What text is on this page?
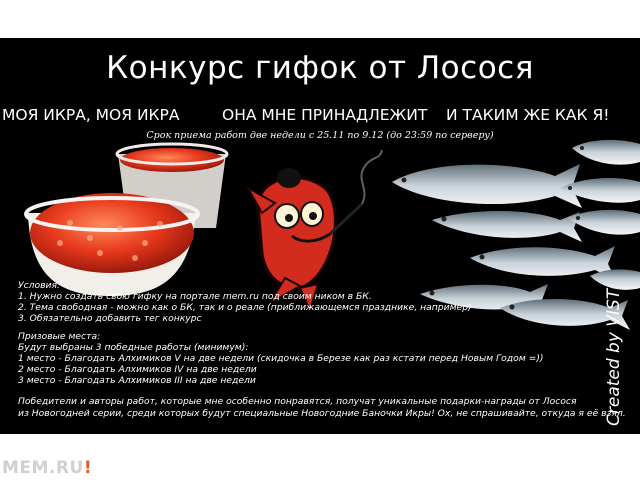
Конкурс гифок от Лосося
МОЯ ИКРА, МОЯ ИКРА	ОНА МНЕ ПРИНАДЛЕЖИТ И ТАКИМ ЖЕ КАК Я!
Срок приема работ две недели с 25.11 по 9.12 (до 23:59 по серверу)
Условия:
1. Нужно создать свою гифку на портале mem.ru под своим ником в БК.
2. Тема свободная - можно как о БК, так и о реале (приближающемся празднике, например)
3. Обязательно добавить тег конкурс
Призовые места:
Будут выбраны 3 победные работы (минимум):
1 место - Благодать Алхимиков V на две недели (скидочка в Березе как раз кстати перед Новым Годом =))
2 место - Благодать Алхимиков IV на две недели
3 место - Благодать Алхимиков III на две недели
Победители и авторы работ, которые мне особенно понравятся, получат уникальные подарки-награды от Лосося
из Новогодней серии, среди которых будут специальные Новогодние Баночки Икры! Ох, не спрашивайте, откуда я её взял.
Created by VIST
MEM.RU!
